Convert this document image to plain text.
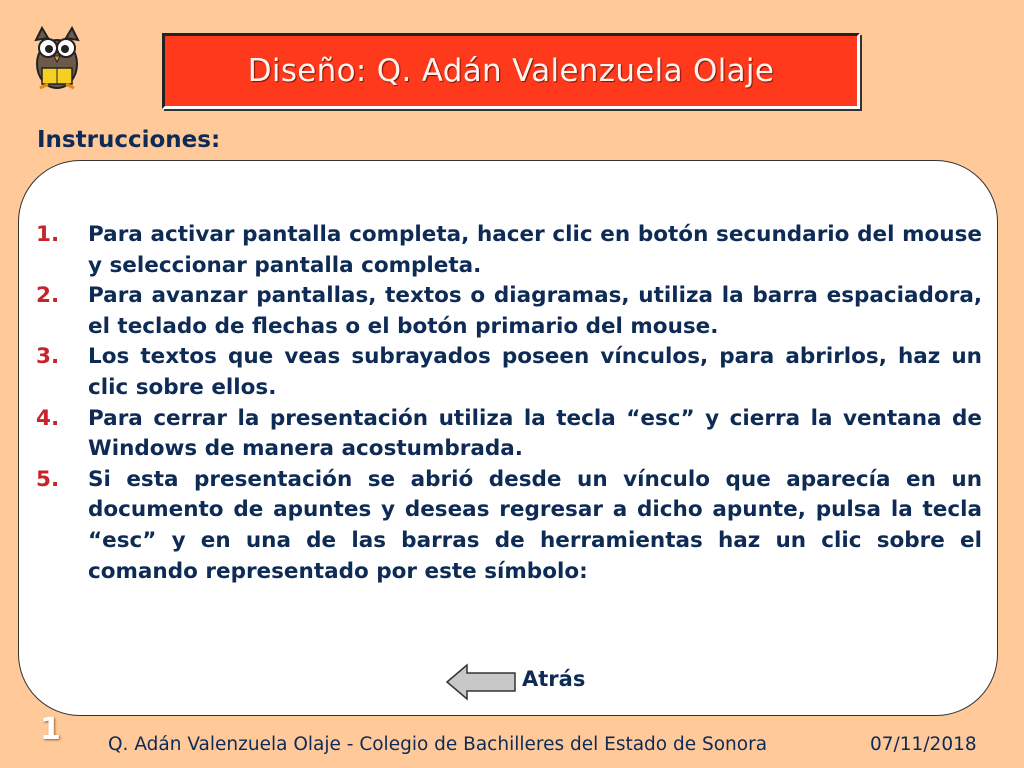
Diseño: Q. Adán Valenzuela Olaje
Instrucciones:
1.	Para activar pantalla completa, hacer clic en botón secundario del mouse y seleccionar pantalla completa.
2.	Para avanzar pantallas, textos o diagramas, utiliza la barra espaciadora, el teclado de flechas o el botón primario del mouse.
3.	Los textos que veas subrayados poseen vínculos, para abrirlos, haz un clic sobre ellos.
4.	Para cerrar la presentación utiliza la tecla “esc” y cierra la ventana de Windows de manera acostumbrada.
5.	Si esta presentación se abrió desde un vínculo que aparecía en un documento de apuntes y deseas regresar a dicho apunte, pulsa la tecla “esc” y en una de las barras de herramientas haz un clic sobre el comando representado por este símbolo:
Atrás
1	Q. Adán Valenzuela Olaje - Colegio de Bachilleres del Estado de Sonora	07/11/2018
